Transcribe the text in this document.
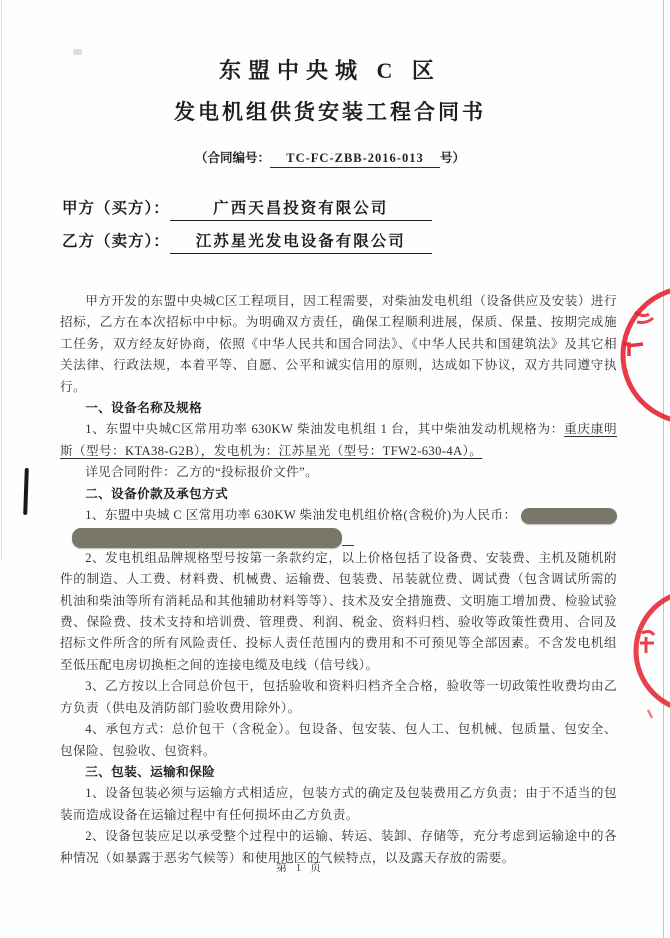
东盟中央城 C 区
发电机组供货安装工程合同书
（合同编号： TC-FC-ZBB-2016-013 号）
甲方（买方）：	广西天昌投资有限公司
乙方（卖方）： 江苏星光发电设备有限公司

甲方开发的东盟中央城C区工程项目，因工程需要，对柴油发电机组（设备供应及安装）进行招标，乙方在本次招标中中标。为明确双方责任，确保工程顺利进展，保质、保量、按期完成施工任务，双方经友好协商，依照《中华人民共和国合同法》、《中华人民共和国建筑法》及其它相关法律、行政法规，本着平等、自愿、公平和诚实信用的原则，达成如下协议，双方共同遵守执行。

一、设备名称及规格

1、东盟中央城C区常用功率 630KW 柴油发电机组 1 台，其中柴油发动机规格为：重庆康明斯（型号：KTA38-G2B），发电机为：江苏星光（型号：TFW2-630-4A）。

详见合同附件：乙方的“投标报价文件”。

二、设备价款及承包方式

1、东盟中央城 C 区常用功率 630KW 柴油发电机组价格(含税价)为人民币：

2、发电机组品牌规格型号按第一条款约定，以上价格包括了设备费、安装费、主机及随机附件的制造、人工费、材料费、机械费、运输费、包装费、吊装就位费、调试费（包含调试所需的机油和柴油等所有消耗品和其他辅助材料等等）、技术及安全措施费、文明施工增加费、检验试验费、保险费、技术支持和培训费、管理费、利润、税金、资料归档、验收等政策性费用、合同及招标文件所含的所有风险责任、投标人责任范围内的费用和不可预见等全部因素。不含发电机组至低压配电房切换柜之间的连接电缆及电线（信号线）。

3、乙方按以上合同总价包干，包括验收和资料归档齐全合格，验收等一切政策性收费均由乙方负责（供电及消防部门验收费用除外）。

4、承包方式：总价包干（含税金）。包设备、包安装、包人工、包机械、包质量、包安全、包保险、包验收、包资料。

三、包装、运输和保险

1、设备包装必须与运输方式相适应，包装方式的确定及包装费用乙方负责；由于不适当的包装而造成设备在运输过程中有任何损坏由乙方负责。

2、设备包装应足以承受整个过程中的运输、转运、装卸、存储等，充分考虑到运输途中的各种情况（如暴露于恶劣气候等）和使用地区的气候特点，以及露天存放的需要。

第 1 页
